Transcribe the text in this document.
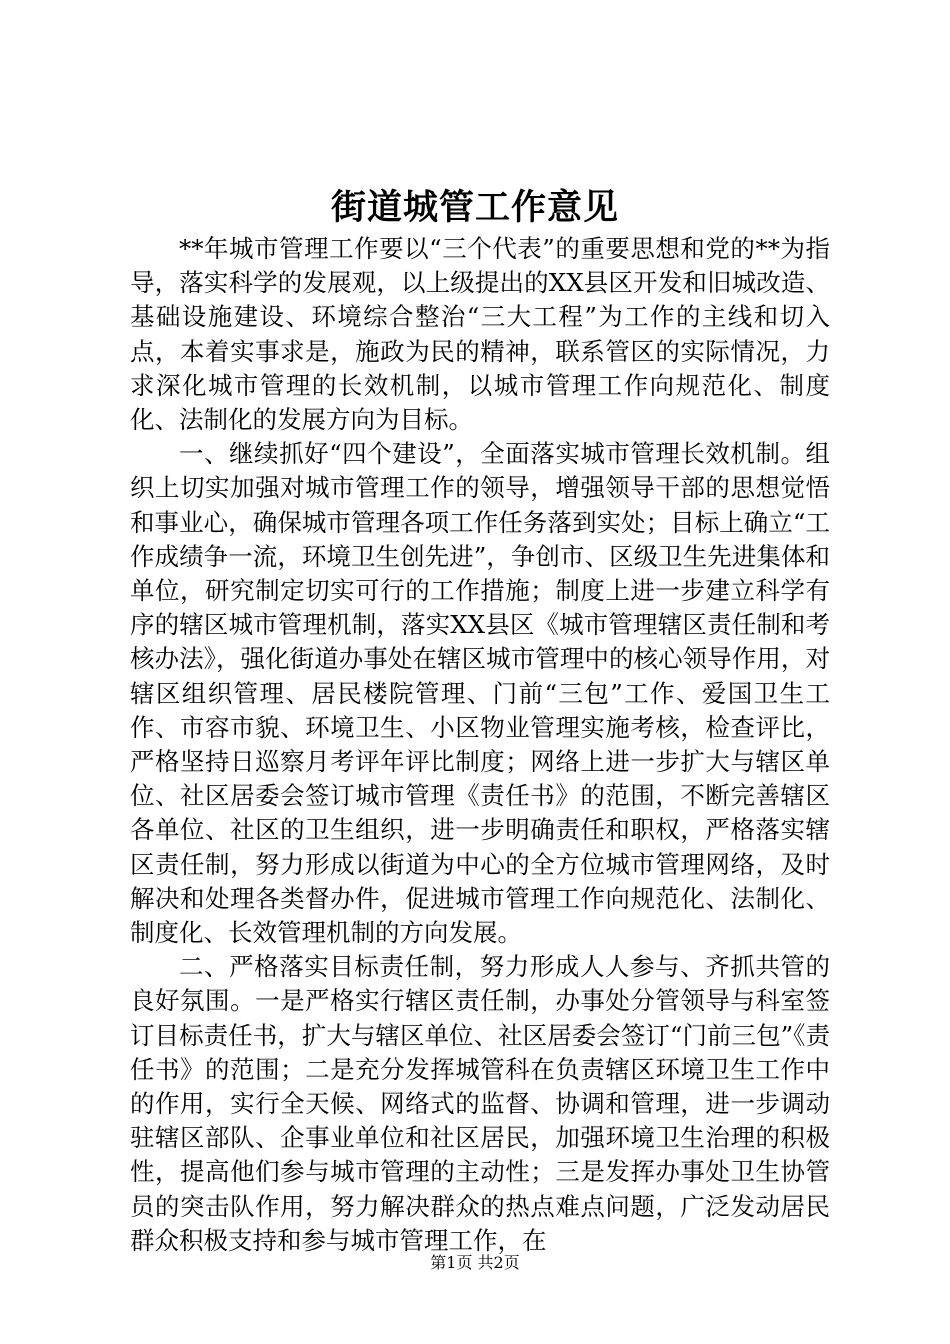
街道城管工作意见

**年城市管理工作要以“三个代表”的重要思想和党的**为指导，落实科学的发展观，以上级提出的XX县区开发和旧城改造、基础设施建设、环境综合整治“三大工程”为工作的主线和切入点，本着实事求是，施政为民的精神，联系管区的实际情况，力求深化城市管理的长效机制，以城市管理工作向规范化、制度化、法制化的发展方向为目标。

一、继续抓好“四个建设”，全面落实城市管理长效机制。组织上切实加强对城市管理工作的领导，增强领导干部的思想觉悟和事业心，确保城市管理各项工作任务落到实处；目标上确立“工作成绩争一流，环境卫生创先进”，争创市、区级卫生先进集体和单位，研究制定切实可行的工作措施；制度上进一步建立科学有序的辖区城市管理机制，落实XX县区《城市管理辖区责任制和考核办法》，强化街道办事处在辖区城市管理中的核心领导作用，对辖区组织管理、居民楼院管理、门前“三包”工作、爱国卫生工作、市容市貌、环境卫生、小区物业管理实施考核，检查评比，严格坚持日巡察月考评年评比制度；网络上进一步扩大与辖区单位、社区居委会签订城市管理《责任书》的范围，不断完善辖区各单位、社区的卫生组织，进一步明确责任和职权，严格落实辖区责任制，努力形成以街道为中心的全方位城市管理网络，及时解决和处理各类督办件，促进城市管理工作向规范化、法制化、制度化、长效管理机制的方向发展。

二、严格落实目标责任制，努力形成人人参与、齐抓共管的良好氛围。一是严格实行辖区责任制，办事处分管领导与科室签订目标责任书，扩大与辖区单位、社区居委会签订“门前三包”《责任书》的范围；二是充分发挥城管科在负责辖区环境卫生工作中的作用，实行全天候、网络式的监督、协调和管理，进一步调动驻辖区部队、企事业单位和社区居民，加强环境卫生治理的积极性，提高他们参与城市管理的主动性；三是发挥办事处卫生协管员的突击队作用，努力解决群众的热点难点问题，广泛发动居民群众积极支持和参与城市管理工作，在

第1页 共2页
